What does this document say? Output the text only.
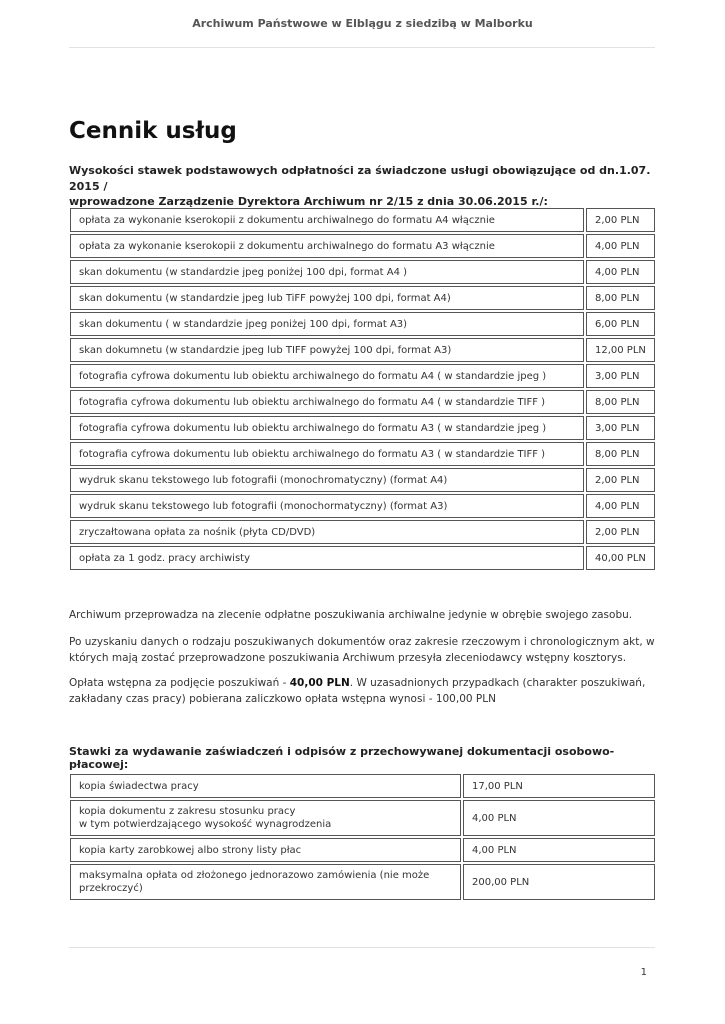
Archiwum Państwowe w Elblągu z siedzibą w Malborku
Cennik usług
Wysokości stawek podstawowych odpłatności za świadczone usługi obowiązujące od dn.1.07. 2015 /
wprowadzone Zarządzenie Dyrektora Archiwum nr 2/15 z dnia 30.06.2015 r./:
opłata za wykonanie kserokopii z dokumentu archiwalnego do formatu A4 włącznie	2,00 PLN
opłata za wykonanie kserokopii z dokumentu archiwalnego do formatu A3 włącznie	4,00 PLN
skan dokumentu (w standardzie jpeg poniżej 100 dpi, format A4 )	4,00 PLN
skan dokumentu (w standardzie jpeg lub TiFF powyżej 100 dpi, format A4)	8,00 PLN
skan dokumentu ( w standardzie jpeg poniżej 100 dpi, format A3)	6,00 PLN
skan dokumnetu (w standardzie jpeg lub TIFF powyżej 100 dpi, format A3)	12,00 PLN
fotografia cyfrowa dokumentu lub obiektu archiwalnego do formatu A4 ( w standardzie jpeg )	3,00 PLN
fotografia cyfrowa dokumentu lub obiektu archiwalnego do formatu A4 ( w standardzie TIFF )	8,00 PLN
fotografia cyfrowa dokumentu lub obiektu archiwalnego do formatu A3 ( w standardzie jpeg )	3,00 PLN
fotografia cyfrowa dokumentu lub obiektu archiwalnego do formatu A3 ( w standardzie TIFF )	8,00 PLN
wydruk skanu tekstowego lub fotografii (monochromatyczny) (format A4)	2,00 PLN
wydruk skanu tekstowego lub fotografii (monochormatyczny) (format A3)	4,00 PLN
zryczałtowana opłata za nośnik (płyta CD/DVD)	2,00 PLN
opłata za 1 godz. pracy archiwisty	40,00 PLN

Archiwum przeprowadza na zlecenie odpłatne poszukiwania archiwalne jedynie w obrębie swojego zasobu.

Po uzyskaniu danych o rodzaju poszukiwanych dokumentów oraz zakresie rzeczowym i chronologicznym akt, w których mają zostać przeprowadzone poszukiwania Archiwum przesyła zleceniodawcy wstępny kosztorys.

Opłata wstępna za podjęcie poszukiwań - 40,00 PLN. W uzasadnionych przypadkach (charakter poszukiwań, zakładany czas pracy) pobierana zaliczkowo opłata wstępna wynosi - 100,00 PLN

Stawki za wydawanie zaświadczeń i odpisów z przechowywanej dokumentacji osobowo-płacowej:
kopia świadectwa pracy	17,00 PLN
kopia dokumentu z zakresu stosunku pracy
w tym potwierdzającego wysokość wynagrodzenia	4,00 PLN
kopia karty zarobkowej albo strony listy płac	4,00 PLN
maksymalna opłata od złożonego jednorazowo zamówienia (nie może przekroczyć)	200,00 PLN
1
